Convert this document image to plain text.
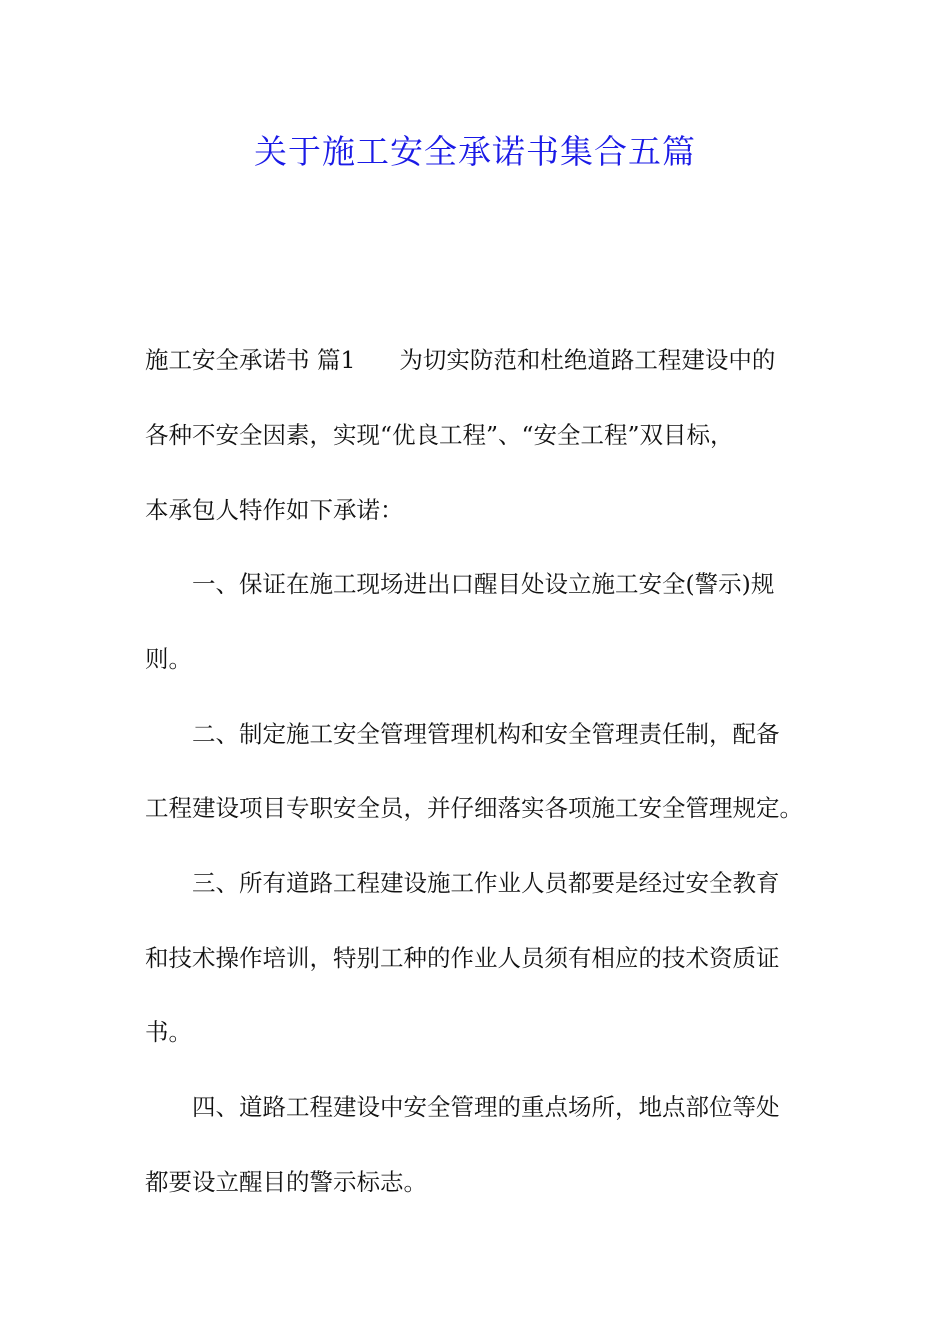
关于施工安全承诺书集合五篇
施工安全承诺书 篇1 为切实防范和杜绝道路工程建设中的
各种不安全因素，实现“优良工程”、“安全工程”双目标，
本承包人特作如下承诺：
一、保证在施工现场进出口醒目处设立施工安全(警示)规
则。
二、制定施工安全管理管理机构和安全管理责任制，配备
工程建设项目专职安全员，并仔细落实各项施工安全管理规定。
三、所有道路工程建设施工作业人员都要是经过安全教育
和技术操作培训，特别工种的作业人员须有相应的技术资质证
书。
四、道路工程建设中安全管理的重点场所，地点部位等处
都要设立醒目的警示标志。
